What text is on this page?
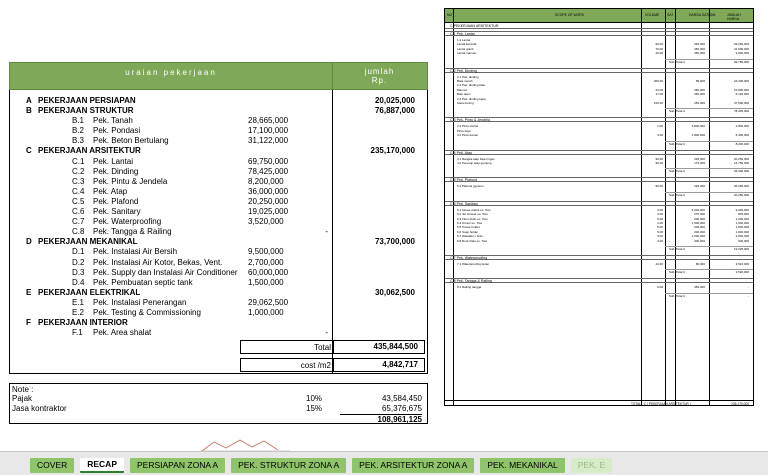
uraian pekerjaan	jumlah
Rp.
A PEKERJAAN PERSIAPAN	20,025,000
B PEKERJAAN STRUKTUR	76,887,000
B.1 Pek. Tanah	28,665,000
B.2 Pek. Pondasi	17,100,000
B.3 Pek. Beton Bertulang	31,122,000
C PEKERJAAN ARSITEKTUR	235,170,000
C.1 Pek. Lantai	69,750,000
C.2 Pek. Dinding	78,425,000
C.3 Pek. Pintu & Jendela	8,200,000
C.4 Pek. Atap	36,000,000
C.5 Pek. Plafond	20,250,000
C.6 Pek. Sanitary	19,025,000
C.7 Pek. Waterproofing	3,520,000
C.8 Pek. Tangga & Railing	-
D PEKERJAAN MEKANIKAL	73,700,000
D.1 Pek. Instalasi Air Bersih	9,500,000
D.2 Pek. Instalasi Air Kotor, Bekas, Vent.	2,700,000
D.3 Pek. Supply dan Instalasi Air Conditioner 60,000,000
D.4 Pek. Pembuatan septic tank	1,500,000
E PEKERJAAN ELEKTRIKAL	30,062,500
E.1 Pek. Instalasi Penerangan	29,062,500
E.2 Pek. Testing & Commissioning	1,000,000
F PEKERJAAN INTERIOR
F.1 Pek. Area shalat	-
Total	435,844,500
cost /m2	4,842,717
Note :
Pajak	10%	43,584,450
Jasa kontraktor	15%	65,376,675
108,961,125
NO	SCOPE OF WORK	VOLUME SAT	HARGA SATUAN	JUMLAH HARGA
C PEKERJAAN ARSITEKTUR
C.1 Pek. Lantai
1.1 Lantai
Lantai keramik	90.00	325,000	29,250,000
Lantai granit	70.00	450,000	31,500,000
Lantai marmer	20.00	450,000	9,000,000
Sub. Total C	69,750,000
C.2 Pek. Dinding
2.1 Pas. dinding
Bata merah	360.00	65,000	24,300,000
2.2 Pas. dinding batu
Marmer	24.00	450,000	10,800,000
Batu alam	17.00	360,000	6,125,000
2.3 Pas. dinding kaca
Kaca bening	150.00	250,000	37,500,000
Sub. Total C	78,425,000
C.3 Pek. Pintu & Jendela
3.1 Pintu utama	1.00	2,800,000	2,800,000
Pintu kayu
3.2 Pintu kamar	3.00	1,800,000	5,400,000
Sub. Total C	8,200,000
C.4 Pek. Atap
4.1 Rangka atap baja ringan	90.00	225,000	20,250,000
4.2 Penutup atap genteng	90.00	175,000	15,750,000
Sub. Total C	36,000,000
C.5 Pek. Plafond
5.1 Plafond gypsum	90.00	225,000	20,250,000
Sub. Total C	20,250,000
C.6 Pek. Sanitary
6.1 Kloset duduk ex. Toto	3.00	3,000,000	9,000,000
6.2 Jet shower ex. Toto	3.00	275,000	825,000
6.3 Floor drain ex. Toto	6.00	200,000	1,200,000
6.4 Urinoir ex. Toto	1.00	1,500,000	1,500,000
6.5 Tissue holder	5.00	200,000	1,000,000
6.6 Soap holder	5.00	200,000	1,000,000
6.7 Wastafel + kran	3.00	1,200,000	3,600,000
6.8 Roof drain ex. Toto	3.00	300,000	900,000
Sub. Total C	19,025,000
C.7 Pek. Waterproofing
7.1 Waterproofing lantai	44.00	80,000	3,520,000
Sub. Total C	3,520,000
C.8 Pek. Tangga & Railing
8.1 Railing tangga	0.00	450,000	-
Sub. Total C	-
TOTAL - C ( PEKERJAAN ARSITEKTUR )	235,170,000
COVER	RECAP	PERSIAPAN ZONA A	PEK. STRUKTUR ZONA A	PEK. ARSITEKTUR ZONA A	PEK. MEKANIKAL	PEK. E
